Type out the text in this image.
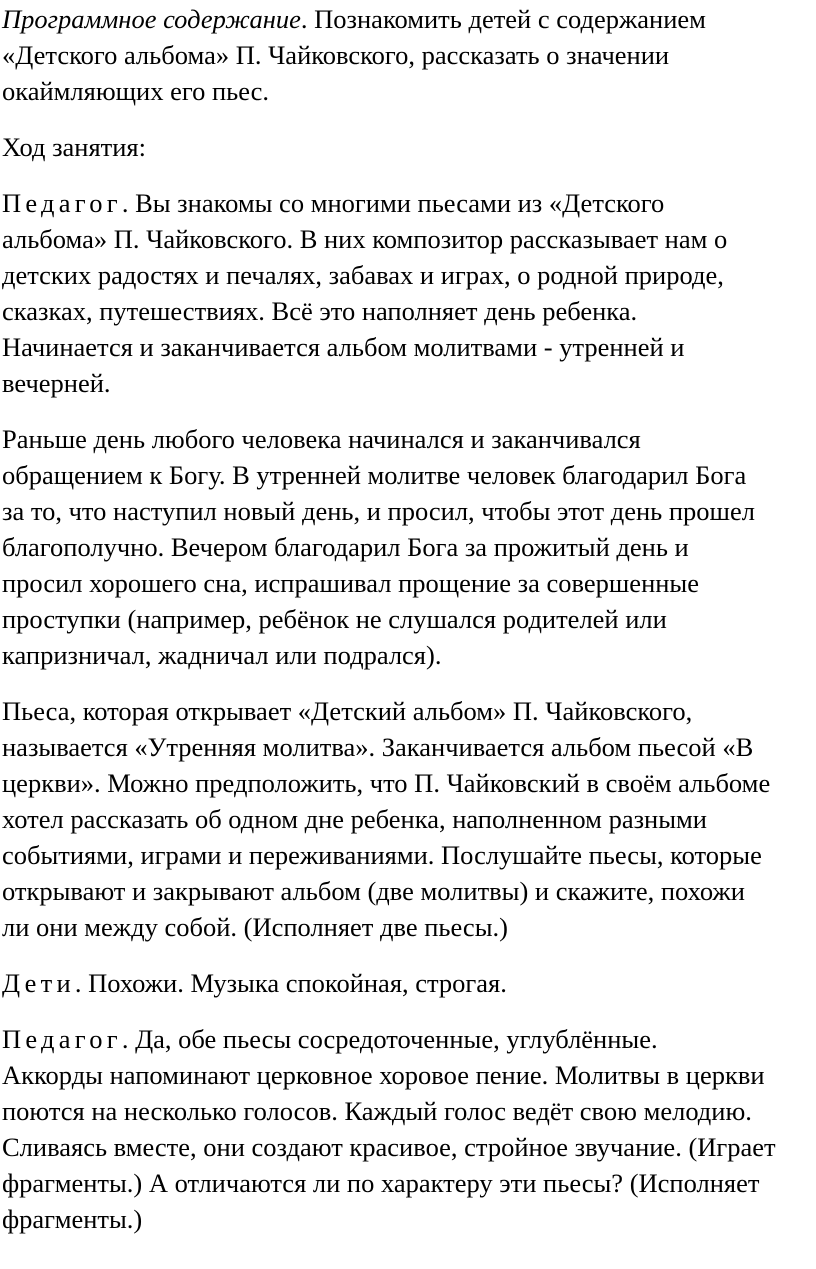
Программное содержание. Познакомить детей с содержанием
«Детского альбома» П. Чайковского, рассказать о значении
окаймляющих его пьес.
Ход занятия:
Педагог. Вы знакомы со многими пьесами из «Детского
альбома» П. Чайковского. В них композитор рассказывает нам о
детских радостях и печалях, забавах и играх, о родной природе,
сказках, путешествиях. Всё это наполняет день ребенка.
Начинается и заканчивается альбом молитвами - утренней и
вечерней.
Раньше день любого человека начинался и заканчивался
обращением к Богу. В утренней молитве человек благодарил Бога
за то, что наступил новый день, и просил, чтобы этот день прошел
благополучно. Вечером благодарил Бога за прожитый день и
просил хорошего сна, испрашивал прощение за совершенные
проступки (например, ребёнок не слушался родителей или
капризничал, жадничал или подрался).
Пьеса, которая открывает «Детский альбом» П. Чайковского,
называется «Утренняя молитва». Заканчивается альбом пьесой «В
церкви». Можно предположить, что П. Чайковский в своём альбоме
хотел рассказать об одном дне ребенка, наполненном разными
событиями, играми и переживаниями. Послушайте пьесы, которые
открывают и закрывают альбом (две молитвы) и скажите, похожи
ли они между собой. (Исполняет две пьесы.)
Дети. Похожи. Музыка спокойная, строгая.
Педагог. Да, обе пьесы сосредоточенные, углублённые.
Аккорды напоминают церковное хоровое пение. Молитвы в церкви
поются на несколько голосов. Каждый голос ведёт свою мелодию.
Сливаясь вместе, они создают красивое, стройное звучание. (Играет
фрагменты.) А отличаются ли по характеру эти пьесы? (Исполняет
фрагменты.)
